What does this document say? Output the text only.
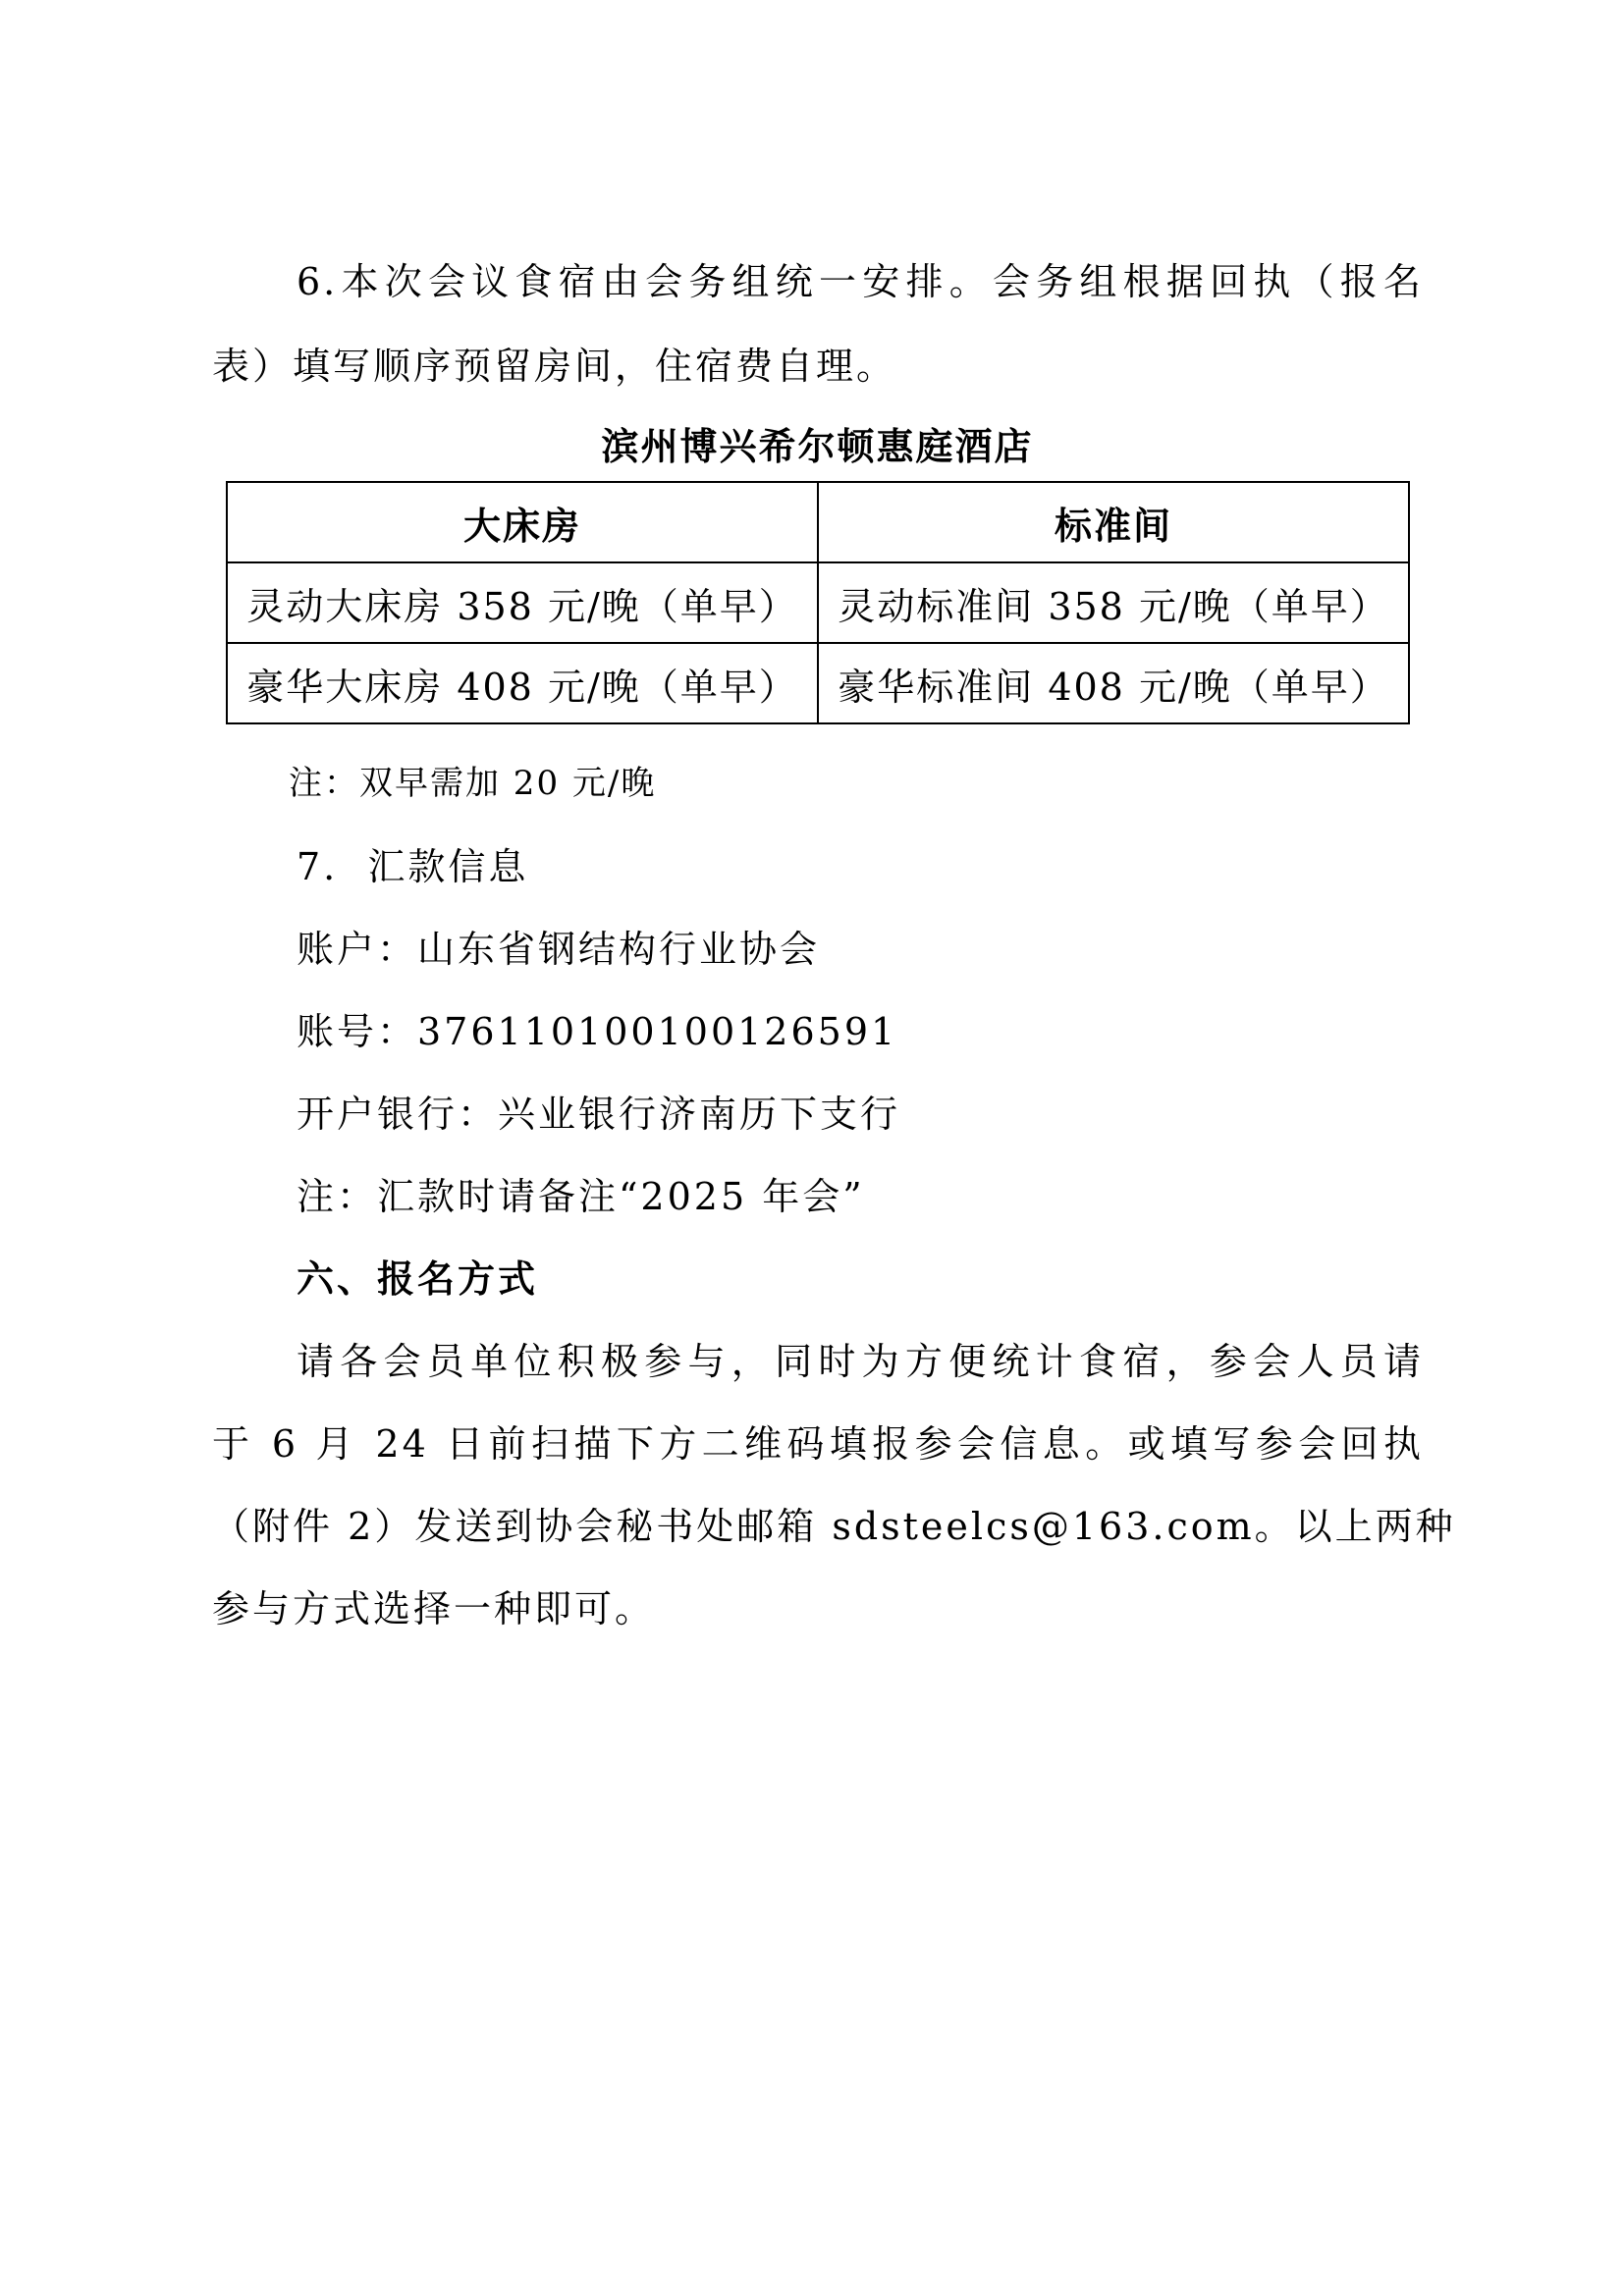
6.本次会议食宿由会务组统一安排。会务组根据回执（报名
表）填写顺序预留房间，住宿费自理。
滨州博兴希尔顿惠庭酒店
大床房	标准间
灵动大床房 358 元/晚（单早）	灵动标准间 358 元/晚（单早）
豪华大床房 408 元/晚（单早）	豪华标准间 408 元/晚（单早）
注：双早需加 20 元/晚
7.  汇款信息
账户：山东省钢结构行业协会
账号：376110100100126591
开户银行：兴业银行济南历下支行
注：汇款时请备注“2025 年会”
六、报名方式
请各会员单位积极参与，同时为方便统计食宿，参会人员请
于 6 月 24 日前扫描下方二维码填报参会信息。或填写参会回执
（附件 2）发送到协会秘书处邮箱 sdsteelcs@163.com。以上两种
参与方式选择一种即可。
